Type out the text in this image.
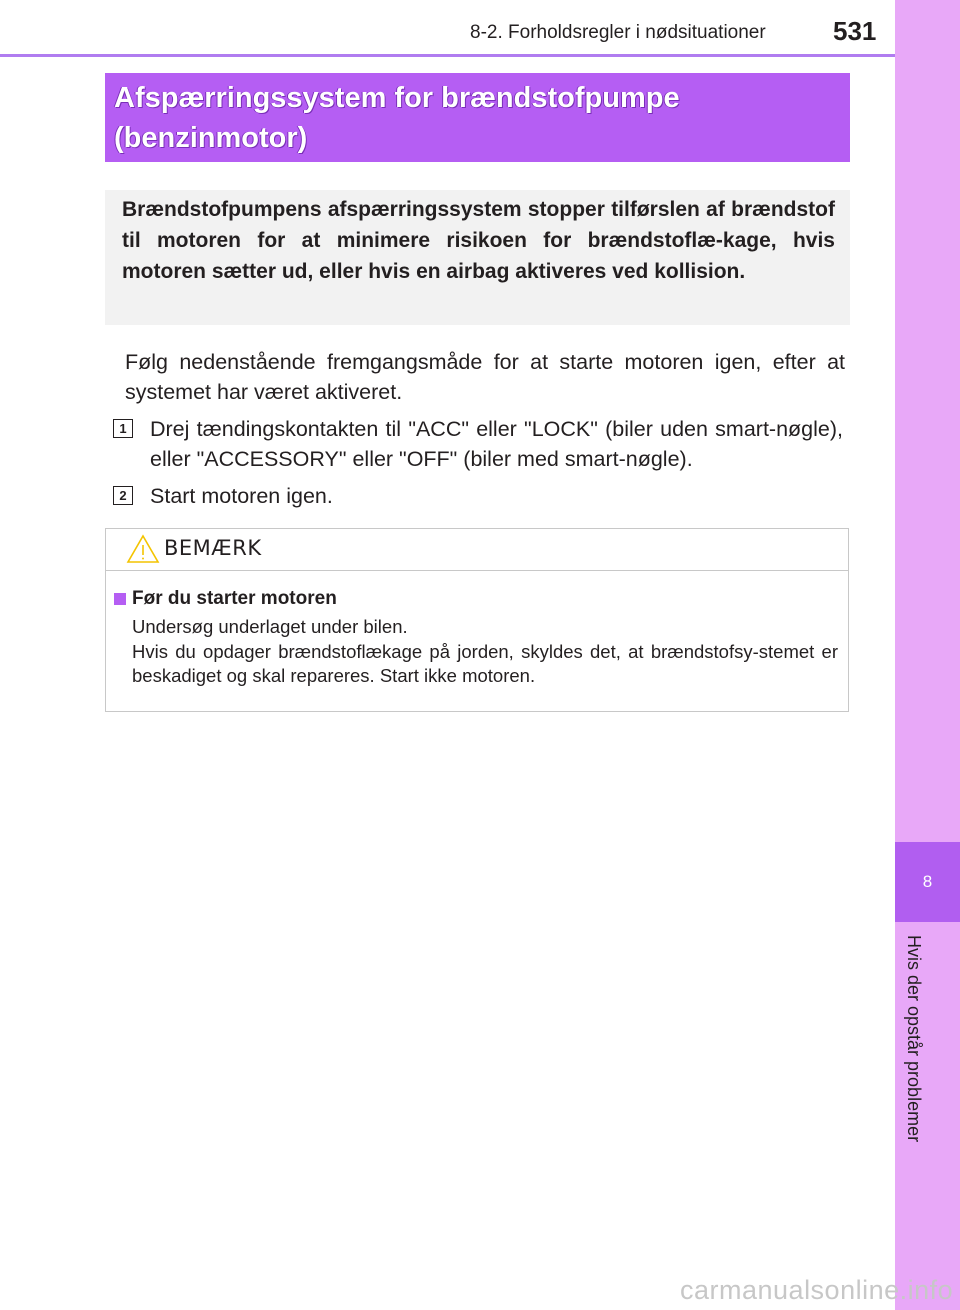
8-2. Forholdsregler i nødsituationer	531
8
Hvis der opstår problemer
Afspærringssystem for brændstofpumpe
(benzinmotor)
Brændstofpumpens afspærringssystem stopper tilførslen af brændstof til motoren for at minimere risikoen for brændstoflæ-kage, hvis motoren sætter ud, eller hvis en airbag aktiveres ved kollision.
Følg nedenstående fremgangsmåde for at starte motoren igen, efter at systemet har været aktiveret.
1 Drej tændingskontakten til "ACC" eller "LOCK" (biler uden smart-nøgle), eller "ACCESSORY" eller "OFF" (biler med smart-nøgle).
2 Start motoren igen.
BEMÆRK
Før du starter motoren
Undersøg underlaget under bilen.
Hvis du opdager brændstoflækage på jorden, skyldes det, at brændstofsy-stemet er beskadiget og skal repareres. Start ikke motoren.
carmanualsonline.info
